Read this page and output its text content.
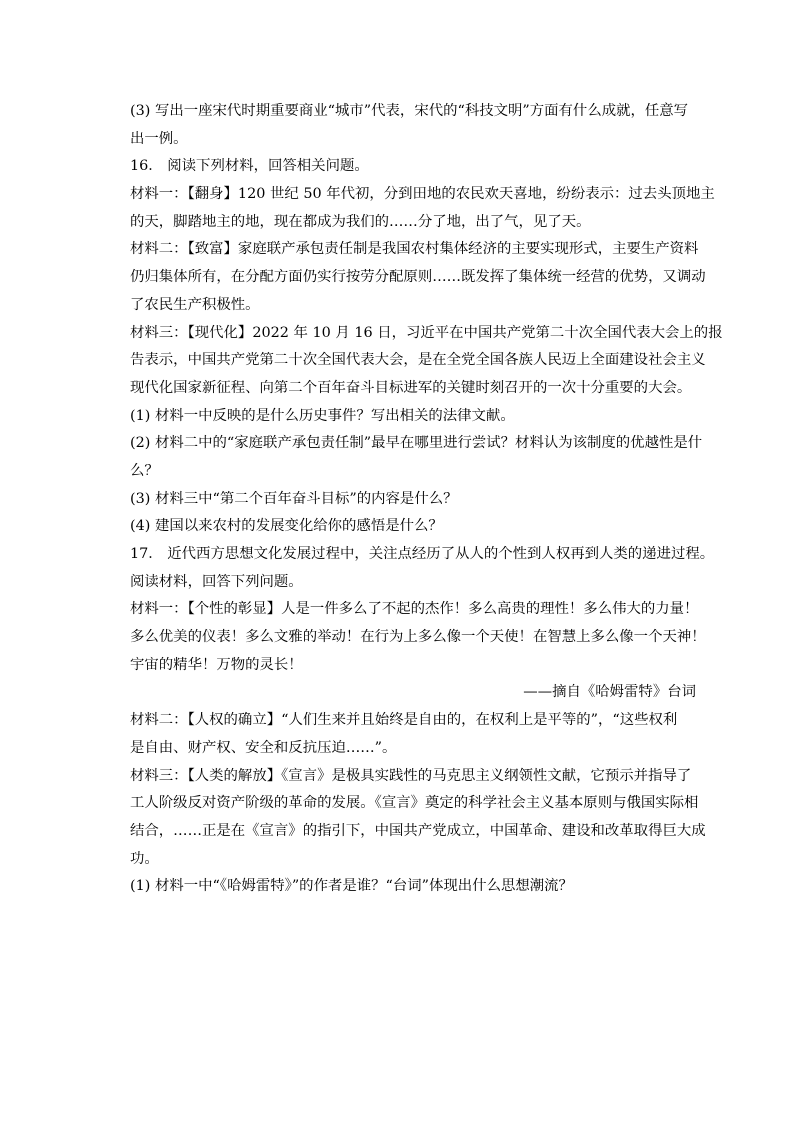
(3) 写出一座宋代时期重要商业“城市”代表，宋代的“科技文明”方面有什么成就，任意写
出一例。
16． 阅读下列材料，回答相关问题。
材料一：【翻身】120 世纪 50 年代初，分到田地的农民欢天喜地，纷纷表示：过去头顶地主
的天，脚踏地主的地，现在都成为我们的……分了地，出了气，见了天。
材料二：【致富】家庭联产承包责任制是我国农村集体经济的主要实现形式，主要生产资料
仍归集体所有，在分配方面仍实行按劳分配原则……既发挥了集体统一经营的优势，又调动
了农民生产积极性。
材料三：【现代化】2022 年 10 月 16 日，习近平在中国共产党第二十次全国代表大会上的报
告表示，中国共产党第二十次全国代表大会，是在全党全国各族人民迈上全面建设社会主义
现代化国家新征程、向第二个百年奋斗目标进军的关键时刻召开的一次十分重要的大会。
(1) 材料一中反映的是什么历史事件？写出相关的法律文献。
(2) 材料二中的“家庭联产承包责任制”最早在哪里进行尝试？材料认为该制度的优越性是什
么？
(3) 材料三中“第二个百年奋斗目标”的内容是什么？
(4) 建国以来农村的发展变化给你的感悟是什么？
17． 近代西方思想文化发展过程中，关注点经历了从人的个性到人权再到人类的递进过程。
阅读材料，回答下列问题。
材料一：【个性的彰显】人是一件多么了不起的杰作！多么高贵的理性！多么伟大的力量！
多么优美的仪表！多么文雅的举动！在行为上多么像一个天使！在智慧上多么像一个天神！
宇宙的精华！万物的灵长！
——摘自《哈姆雷特》台词
材料二：【人权的确立】“人们生来并且始终是自由的，在权利上是平等的”，“这些权利
是自由、财产权、安全和反抗压迫……”。
材料三：【人类的解放】《宣言》是极具实践性的马克思主义纲领性文献，它预示并指导了
工人阶级反对资产阶级的革命的发展。《宣言》奠定的科学社会主义基本原则与俄国实际相
结合，……正是在《宣言》的指引下，中国共产党成立，中国革命、建设和改革取得巨大成
功。
(1) 材料一中“《哈姆雷特》”的作者是谁？“台词”体现出什么思想潮流？
